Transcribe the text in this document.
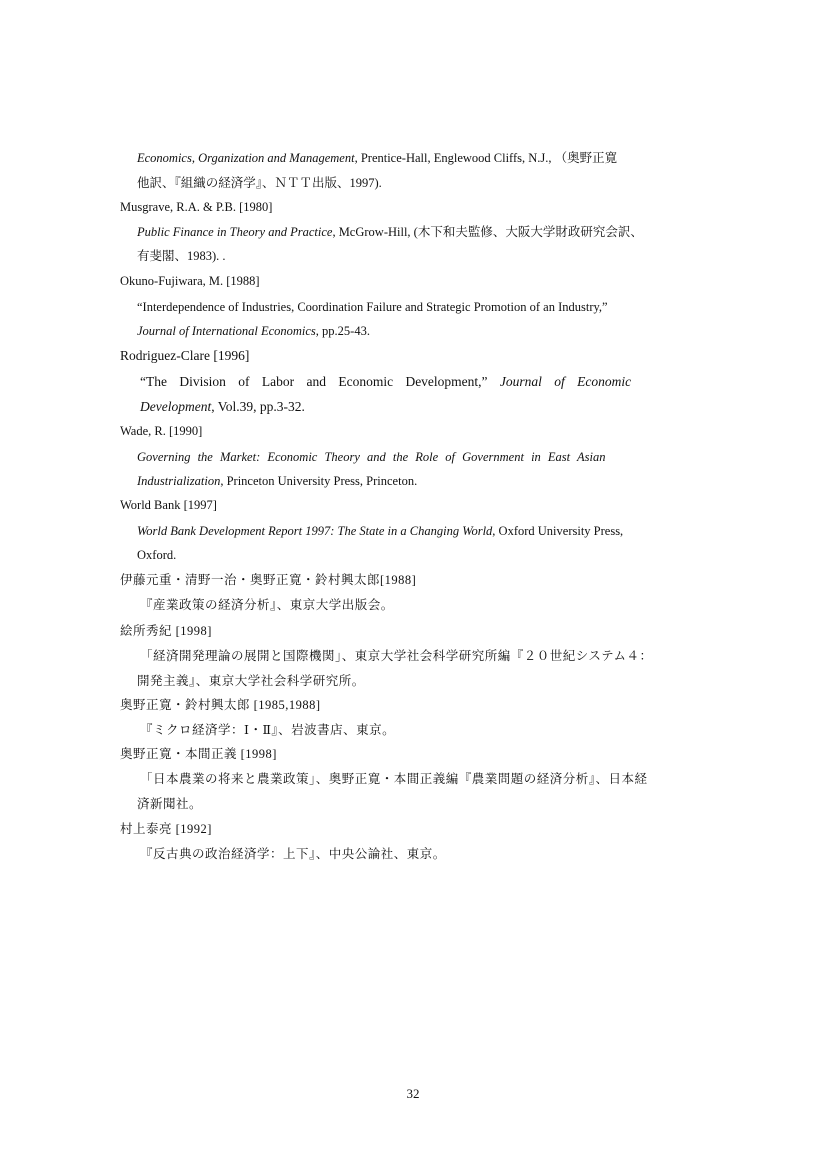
Economics, Organization and Management, Prentice-Hall, Englewood Cliffs, N.J., （奥野正寛
他訳、『組織の経済学』、ＮＴＴ出版、1997).
Musgrave, R.A. & P.B. [1980]
Public Finance in Theory and Practice, McGrow-Hill, (木下和夫監修、大阪大学財政研究会訳、
有斐閣、1983). .
Okuno-Fujiwara, M. [1988]
“Interdependence of Industries, Coordination Failure and Strategic Promotion of an Industry,”
Journal of International Economics, pp.25-43.
Rodriguez-Clare [1996]
“The Division of Labor and Economic Development,” Journal of Economic
Development, Vol.39, pp.3-32.
Wade, R. [1990]
Governing the Market: Economic Theory and the Role of Government in East Asian
Industrialization, Princeton University Press, Princeton.
World Bank [1997]
World Bank Development Report 1997: The State in a Changing World, Oxford University Press,
Oxford.
伊藤元重・清野一治・奥野正寛・鈴村興太郎[1988]
『産業政策の経済分析』、東京大学出版会。
絵所秀紀 [1998]
「経済開発理論の展開と国際機関」、東京大学社会科学研究所編『２０世紀システム４：
開発主義』、東京大学社会科学研究所。
奥野正寛・鈴村興太郎 [1985,1988]
『ミクロ経済学：Ⅰ・Ⅱ』、岩波書店、東京。
奥野正寛・本間正義 [1998]
「日本農業の将来と農業政策」、奥野正寛・本間正義編『農業問題の経済分析』、日本経
済新聞社。
村上泰亮 [1992]
『反古典の政治経済学：上下』、中央公論社、東京。
32
